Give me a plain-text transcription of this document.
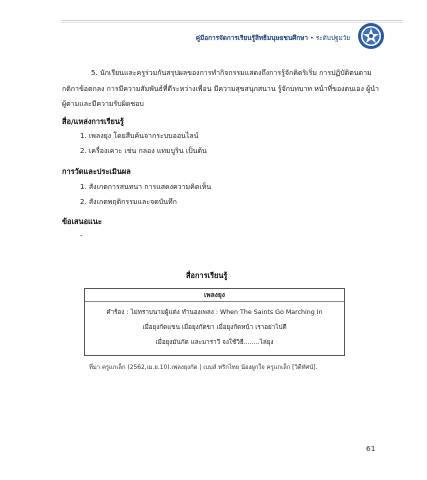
คู่มือการจัดการเรียนรู้สิทธิมนุษยชนศึกษา • ระดับปฐมวัย
5. นักเรียนและครูร่วมกันสรุปผลของการทำกิจกรรมแสดงถึงการรู้จักคิดริเริ่ม การปฏิบัติตนตาม
กติกาข้อตกลง การมีความสัมพันธ์ที่ดีระหว่างเพื่อน มีความสุขสนุกสนาน รู้จักบทบาท หน้าที่ของตนเอง ผู้นำ
ผู้ตามและมีความรับผิดชอบ
สื่อ/แหล่งการเรียนรู้
1. เพลงยุง โดยสืบค้นจากระบบออนไลน์
2. เครื่องเคาะ เช่น กลอง แทมบูริน เป็นต้น
การวัดและประเมินผล
1. สังเกตการสนทนา การแสดงความคิดเห็น
2. สังเกตพฤติกรรมและจดบันทึก
ข้อเสนอแนะ
-
สื่อการเรียนรู้
เพลงยุง
คำร้อง : ไม่ทราบนามผู้แต่ง ทำนองเพลง : When The Saints Go Marching In
เมื่อยุงกัดแขน เมื่อยุงกัดขา เมื่อยุงกัดหน้า เราอย่าไปตี
เมื่อยุงมันกัด และมาราวี จงใช้วิธี........ไล่ยุง
ที่มา ครูแกเล็ก (2562,เม.ย.10).เพลงยุงกัด | เบบส์ ทริกไทย น้องผูกใจ ครูแกเล็ก [วิดีทัศน์].
61
